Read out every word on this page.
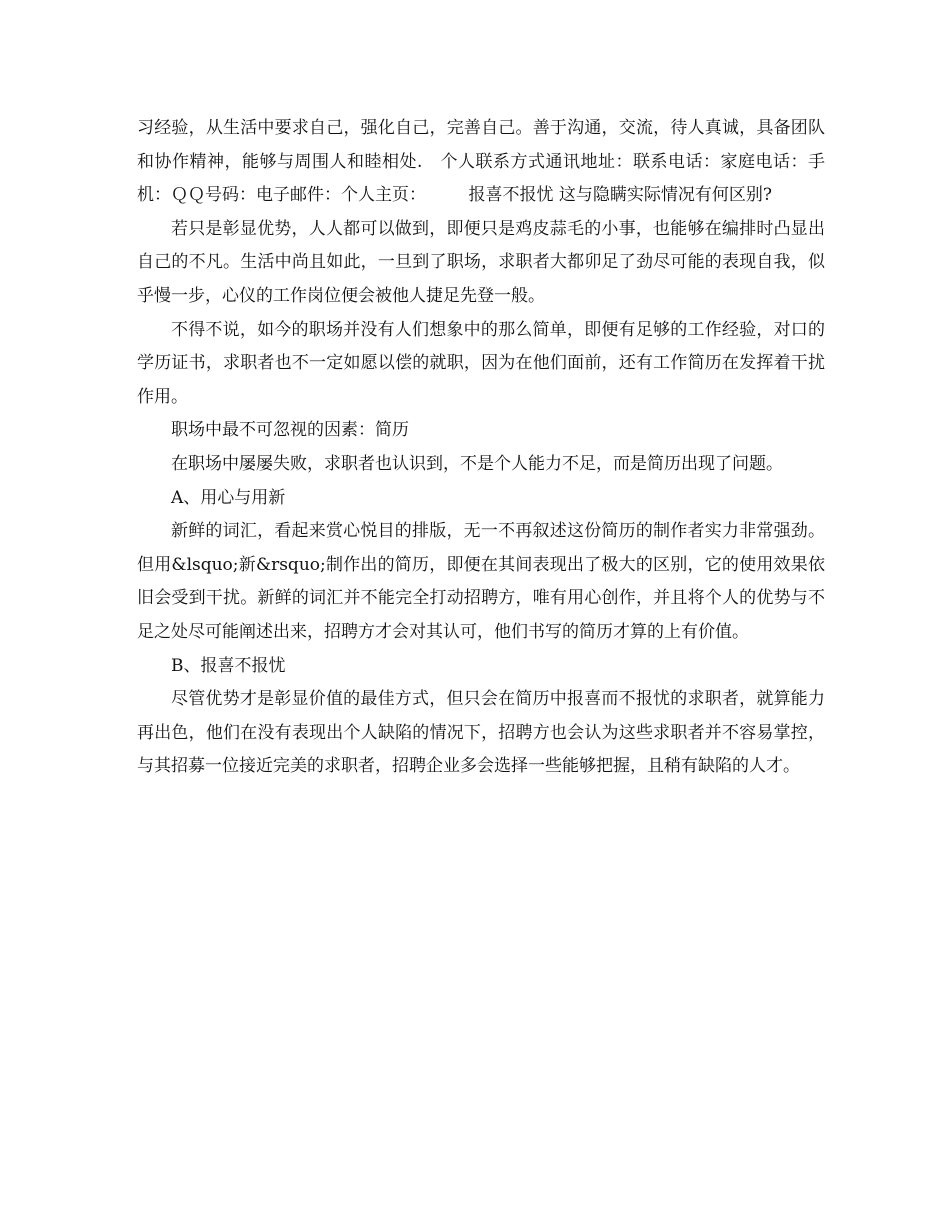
习经验，从生活中要求自己，强化自己，完善自己。善于沟通，交流，待人真诚，具备团队和协作精神，能够与周围人和睦相处.　个人联系方式通讯地址：联系电话：家庭电话：手　　机：ＱＱ号码：电子邮件：个人主页：　　　报喜不报忧 这与隐瞒实际情况有何区别?

若只是彰显优势，人人都可以做到，即便只是鸡皮蒜毛的小事，也能够在编排时凸显出自己的不凡。生活中尚且如此，一旦到了职场，求职者大都卯足了劲尽可能的表现自我，似乎慢一步，心仪的工作岗位便会被他人捷足先登一般。

不得不说，如今的职场并没有人们想象中的那么简单，即便有足够的工作经验，对口的学历证书，求职者也不一定如愿以偿的就职，因为在他们面前，还有工作简历在发挥着干扰作用。

职场中最不可忽视的因素：简历

在职场中屡屡失败，求职者也认识到，不是个人能力不足，而是简历出现了问题。

A、用心与用新

新鲜的词汇，看起来赏心悦目的排版，无一不再叙述这份简历的制作者实力非常强劲。但用&lsquo;新&rsquo;制作出的简历，即便在其间表现出了极大的区别，它的使用效果依旧会受到干扰。新鲜的词汇并不能完全打动招聘方，唯有用心创作，并且将个人的优势与不足之处尽可能阐述出来，招聘方才会对其认可，他们书写的简历才算的上有价值。

B、报喜不报忧

尽管优势才是彰显价值的最佳方式，但只会在简历中报喜而不报忧的求职者，就算能力再出色，他们在没有表现出个人缺陷的情况下，招聘方也会认为这些求职者并不容易掌控，与其招募一位接近完美的求职者，招聘企业多会选择一些能够把握，且稍有缺陷的人才。
